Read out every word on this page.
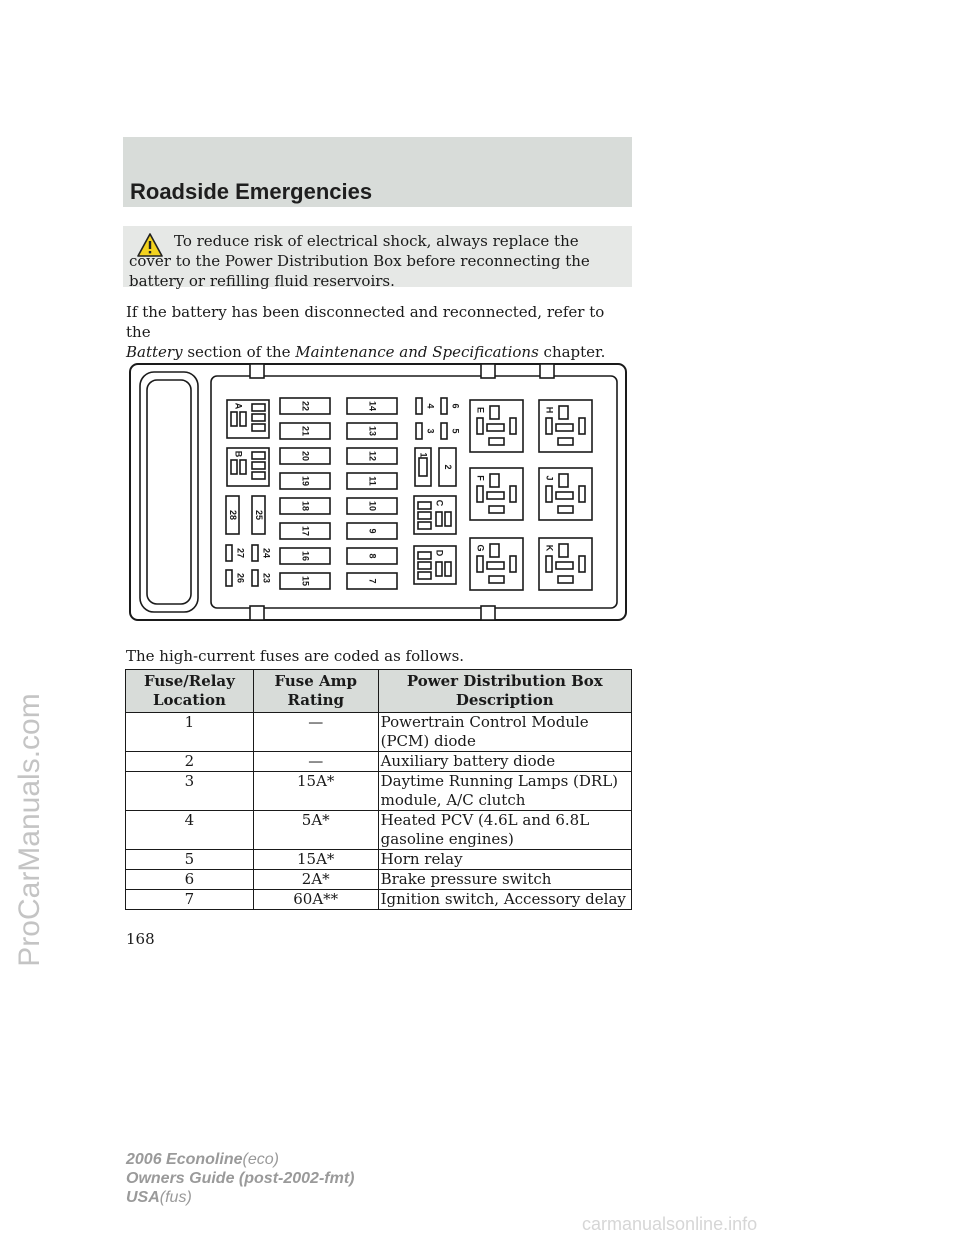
ProCarManuals.com
Roadside Emergencies

To reduce risk of electrical shock, always replace the cover to the Power Distribution Box before reconnecting the battery or refilling fluid reservoirs.

If the battery has been disconnected and reconnected, refer to the
Battery section of the Maintenance and Specifications chapter.

A
B
28 25
27 24
26 23
22
21
20
19
18
17
16
15
14
13
12
11
10
9
8
7
4 6
3 5
1
2
C
D
E	H
F	J
G	K

The high-current fuses are coded as follows.

Fuse/Relay Location	Fuse Amp Rating	Power Distribution Box Description
1	—	Powertrain Control Module (PCM) diode
2	—	Auxiliary battery diode
3	15A*	Daytime Running Lamps (DRL) module, A/C clutch
4	5A*	Heated PCV (4.6L and 6.8L gasoline engines)
5	15A*	Horn relay
6	2A*	Brake pressure switch
7	60A**	Ignition switch, Accessory delay

168

2006 Econoline(eco)
Owners Guide (post-2002-fmt)
USA(fus)

carmanualsonline.info
